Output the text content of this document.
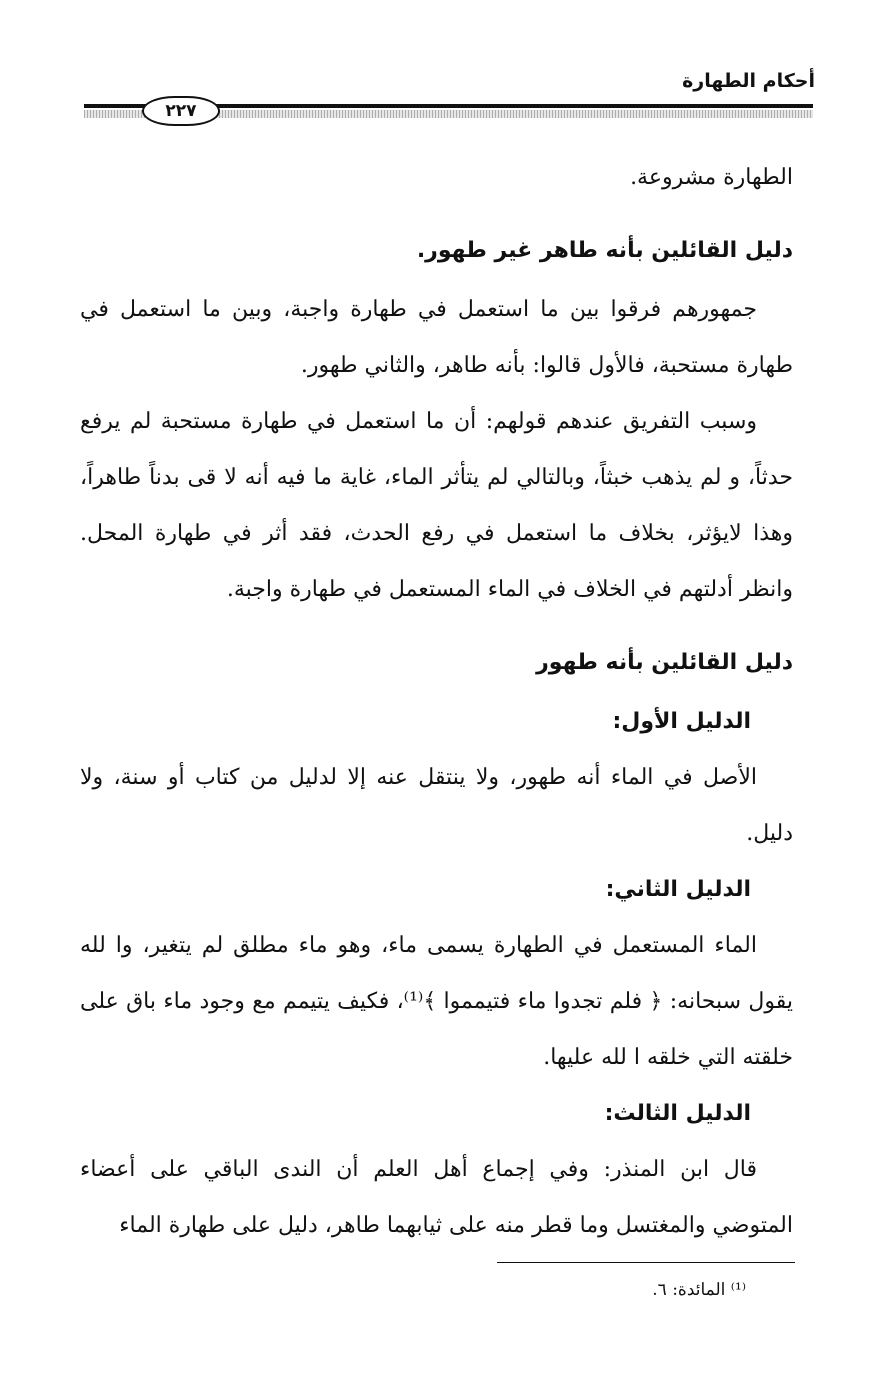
أحكام الطهارة
٢٢٧

الطهارة مشروعة.

دليل القائلين بأنه طاهر غير طهور.

جمهورهم فرقوا بين ما استعمل في طهارة واجبة، وبين ما استعمل في طهارة مستحبة، فالأول قالوا: بأنه طاهر، والثاني طهور.

وسبب التفريق عندهم قولهم: أن ما استعمل في طهارة مستحبة لم يرفع حدثاً، و لم يذهب خبثاً، وبالتالي لم يتأثر الماء، غاية ما فيه أنه لا قى بدناً طاهراً، وهذا لايؤثر، بخلاف ما استعمل في رفع الحدث، فقد أثر في طهارة المحل. وانظر أدلتهم في الخلاف في الماء المستعمل في طهارة واجبة.

دليل القائلين بأنه طهور

الدليل الأول:

الأصل في الماء أنه طهور، ولا ينتقل عنه إلا لدليل من كتاب أو سنة، ولا دليل.

الدليل الثاني:

الماء المستعمل في الطهارة يسمى ماء، وهو ماء مطلق لم يتغير، وا لله يقول سبحانه: ﴿ فلم تجدوا ماء فتيمموا ﴾⁽¹⁾، فكيف يتيمم مع وجود ماء باق على خلقته التي خلقه ا لله عليها.

الدليل الثالث:

قال ابن المنذر: وفي إجماع أهل العلم أن الندى الباقي على أعضاء المتوضي والمغتسل وما قطر منه على ثيابهما طاهر، دليل على طهارة الماء

⁽¹⁾ المائدة: ٦.
